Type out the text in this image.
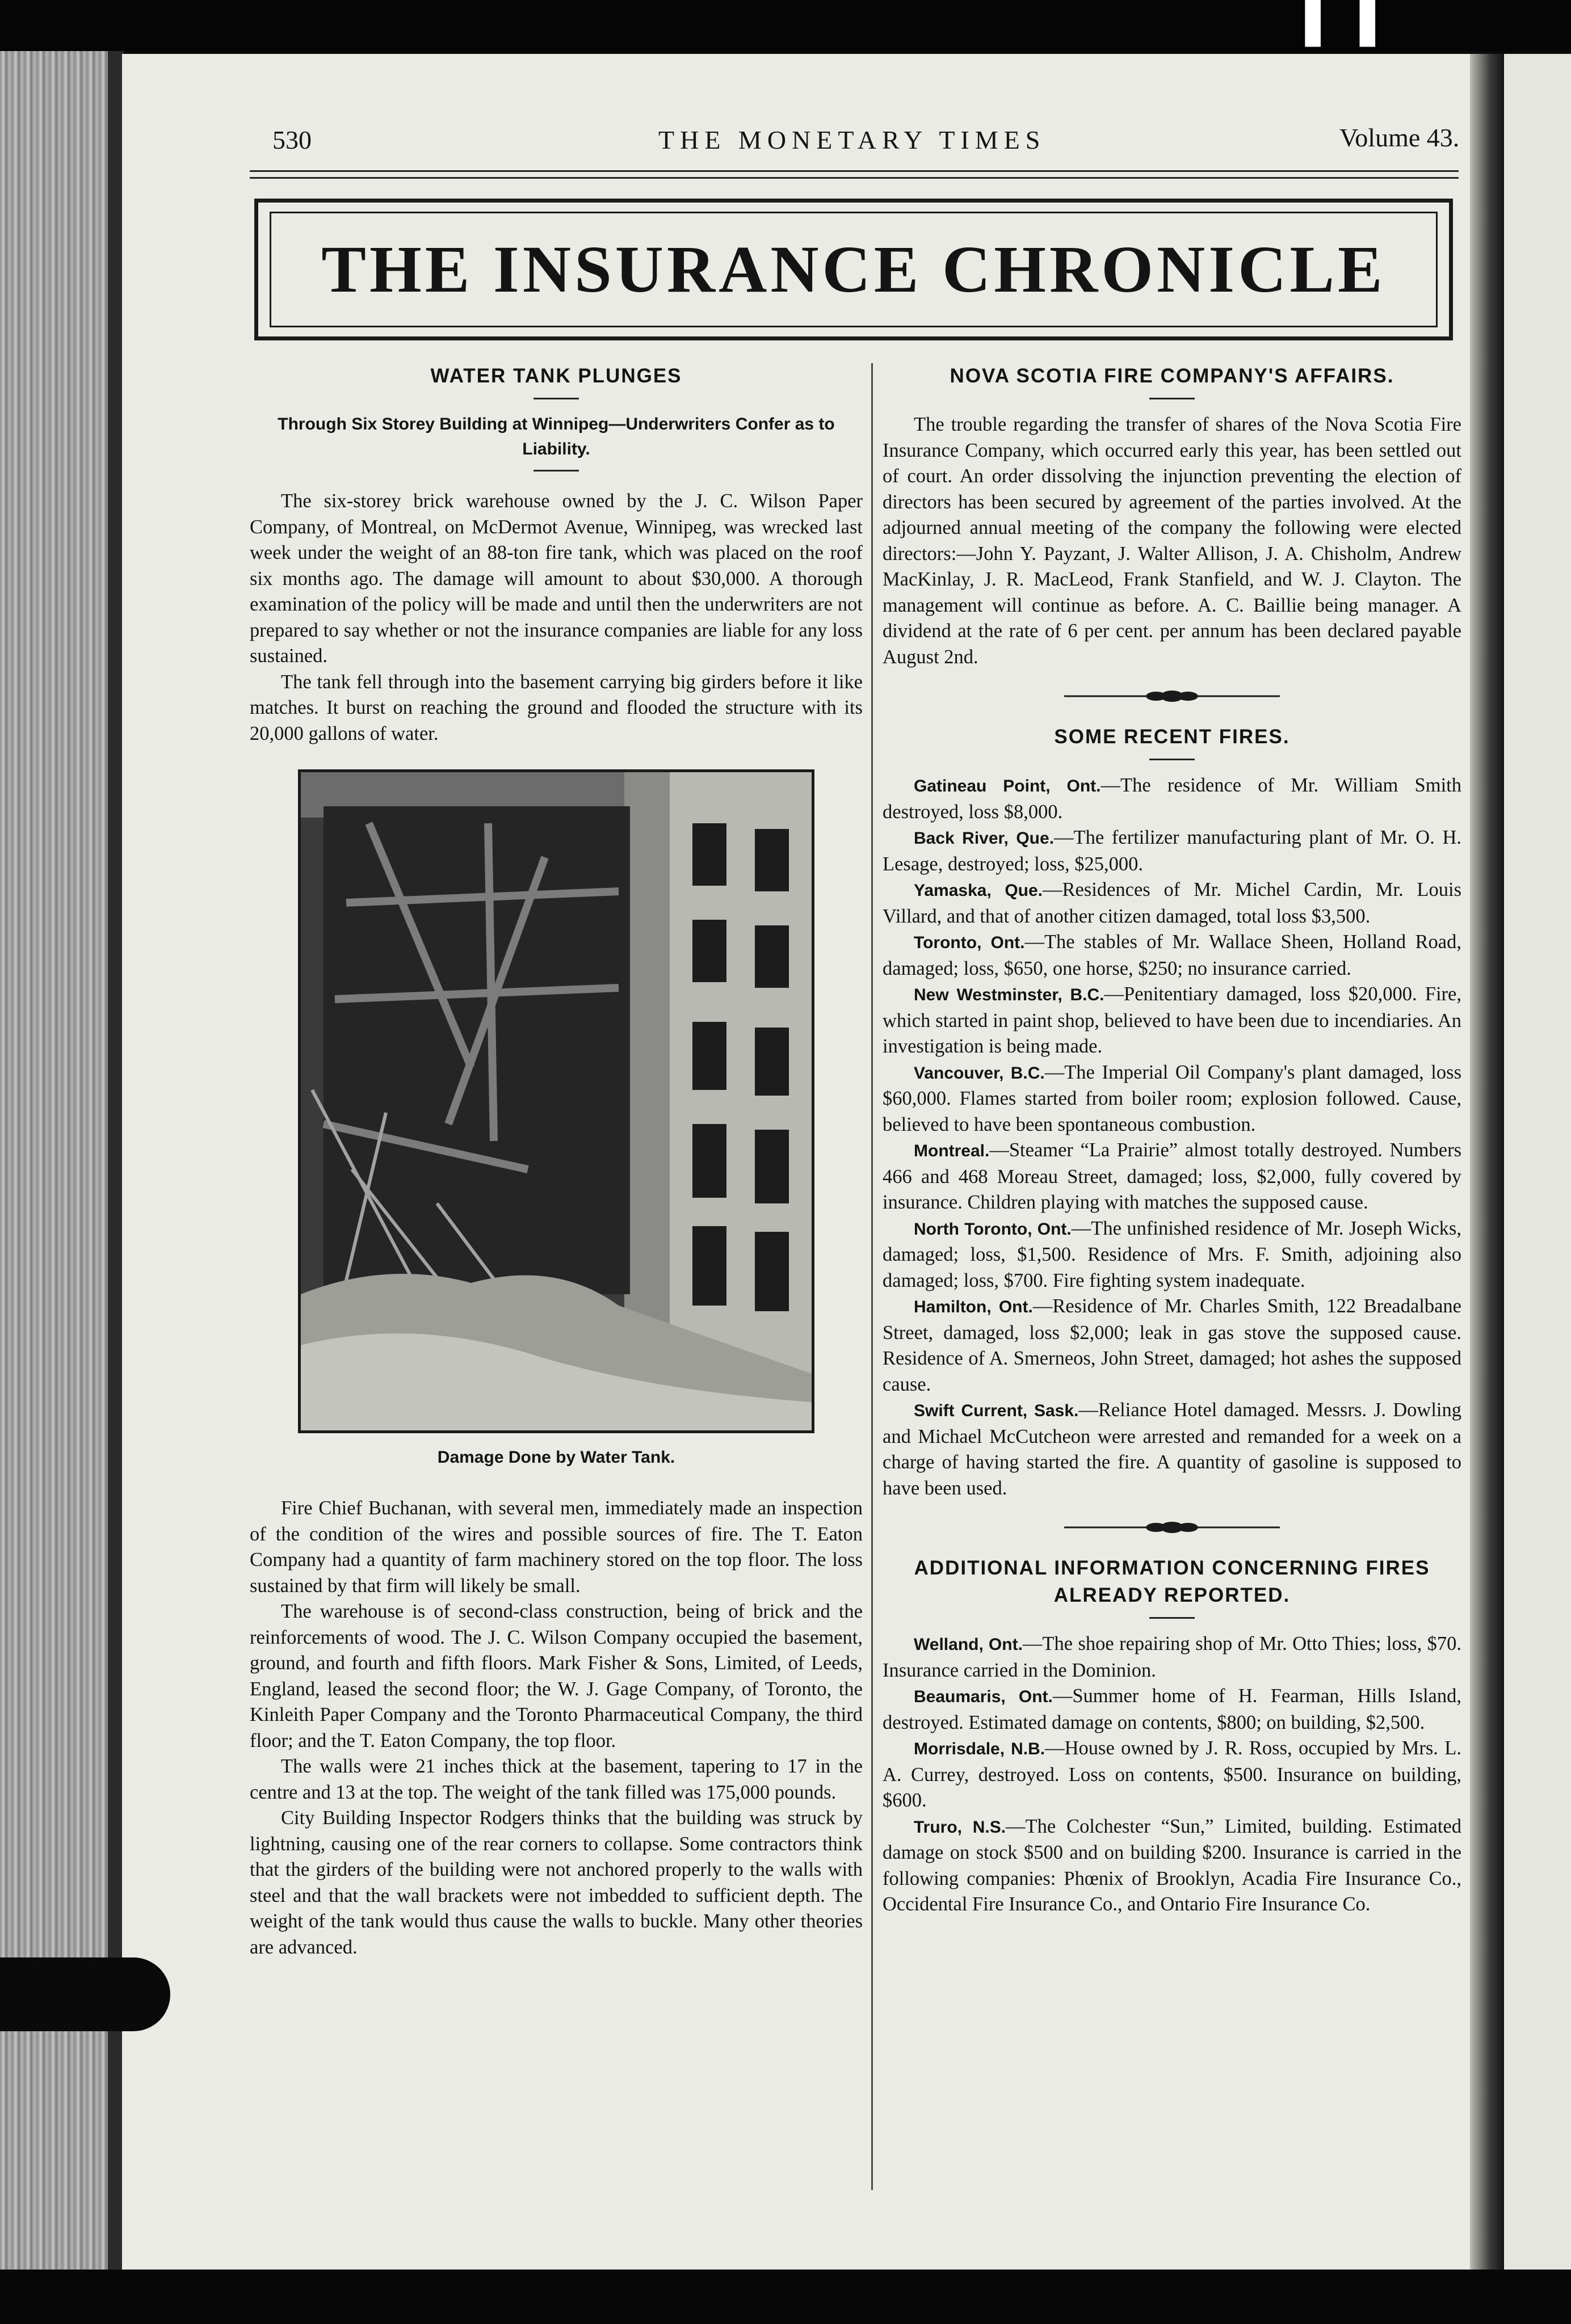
▌ ▌
530	THE MONETARY TIMES	Volume 43.
THE INSURANCE CHRONICLE
WATER TANK PLUNGES
Through Six Storey Building at Winnipeg—Underwriters Confer as to Liability.

The six-storey brick warehouse owned by the J. C. Wilson Paper Company, of Montreal, on McDermot Avenue, Winnipeg, was wrecked last week under the weight of an 88-ton fire tank, which was placed on the roof six months ago. The damage will amount to about $30,000. A thorough examination of the policy will be made and until then the underwriters are not prepared to say whether or not the insurance companies are liable for any loss sustained.

The tank fell through into the basement carrying big girders before it like matches. It burst on reaching the ground and flooded the structure with its 20,000 gallons of water.

Damage Done by Water Tank.

Fire Chief Buchanan, with several men, immediately made an inspection of the condition of the wires and possible sources of fire. The T. Eaton Company had a quantity of farm machinery stored on the top floor. The loss sustained by that firm will likely be small.

The warehouse is of second-class construction, being of brick and the reinforcements of wood. The J. C. Wilson Company occupied the basement, ground, and fourth and fifth floors. Mark Fisher & Sons, Limited, of Leeds, England, leased the second floor; the W. J. Gage Company, of Toronto, the Kinleith Paper Company and the Toronto Pharmaceutical Company, the third floor; and the T. Eaton Company, the top floor.

The walls were 21 inches thick at the basement, tapering to 17 in the centre and 13 at the top. The weight of the tank filled was 175,000 pounds.

City Building Inspector Rodgers thinks that the building was struck by lightning, causing one of the rear corners to collapse. Some contractors think that the girders of the building were not anchored properly to the walls with steel and that the wall brackets were not imbedded to sufficient depth. The weight of the tank would thus cause the walls to buckle. Many other theories are advanced.

NOVA SCOTIA FIRE COMPANY'S AFFAIRS.

The trouble regarding the transfer of shares of the Nova Scotia Fire Insurance Company, which occurred early this year, has been settled out of court. An order dissolving the injunction preventing the election of directors has been secured by agreement of the parties involved. At the adjourned annual meeting of the company the following were elected directors:—John Y. Payzant, J. Walter Allison, J. A. Chisholm, Andrew MacKinlay, J. R. MacLeod, Frank Stanfield, and W. J. Clayton. The management will continue as before. A. C. Baillie being manager. A dividend at the rate of 6 per cent. per annum has been declared payable August 2nd.

SOME RECENT FIRES.

Gatineau Point, Ont.—The residence of Mr. William Smith destroyed, loss $8,000.

Back River, Que.—The fertilizer manufacturing plant of Mr. O. H. Lesage, destroyed; loss, $25,000.

Yamaska, Que.—Residences of Mr. Michel Cardin, Mr. Louis Villard, and that of another citizen damaged, total loss $3,500.

Toronto, Ont.—The stables of Mr. Wallace Sheen, Holland Road, damaged; loss, $650, one horse, $250; no insurance carried.

New Westminster, B.C.—Penitentiary damaged, loss $20,000. Fire, which started in paint shop, believed to have been due to incendiaries. An investigation is being made.

Vancouver, B.C.—The Imperial Oil Company's plant damaged, loss $60,000. Flames started from boiler room; explosion followed. Cause, believed to have been spontaneous combustion.

Montreal.—Steamer “La Prairie” almost totally destroyed. Numbers 466 and 468 Moreau Street, damaged; loss, $2,000, fully covered by insurance. Children playing with matches the supposed cause.

North Toronto, Ont.—The unfinished residence of Mr. Joseph Wicks, damaged; loss, $1,500. Residence of Mrs. F. Smith, adjoining also damaged; loss, $700. Fire fighting system inadequate.

Hamilton, Ont.—Residence of Mr. Charles Smith, 122 Breadalbane Street, damaged, loss $2,000; leak in gas stove the supposed cause. Residence of A. Smerneos, John Street, damaged; hot ashes the supposed cause.

Swift Current, Sask.—Reliance Hotel damaged. Messrs. J. Dowling and Michael McCutcheon were arrested and remanded for a week on a charge of having started the fire. A quantity of gasoline is supposed to have been used.

ADDITIONAL INFORMATION CONCERNING FIRES ALREADY REPORTED.

Welland, Ont.—The shoe repairing shop of Mr. Otto Thies; loss, $70. Insurance carried in the Dominion.

Beaumaris, Ont.—Summer home of H. Fearman, Hills Island, destroyed. Estimated damage on contents, $800; on building, $2,500.

Morrisdale, N.B.—House owned by J. R. Ross, occupied by Mrs. L. A. Currey, destroyed. Loss on contents, $500. Insurance on building, $600.

Truro, N.S.—The Colchester “Sun,” Limited, building. Estimated damage on stock $500 and on building $200. Insurance is carried in the following companies: Phœnix of Brooklyn, Acadia Fire Insurance Co., Occidental Fire Insurance Co., and Ontario Fire Insurance Co.
